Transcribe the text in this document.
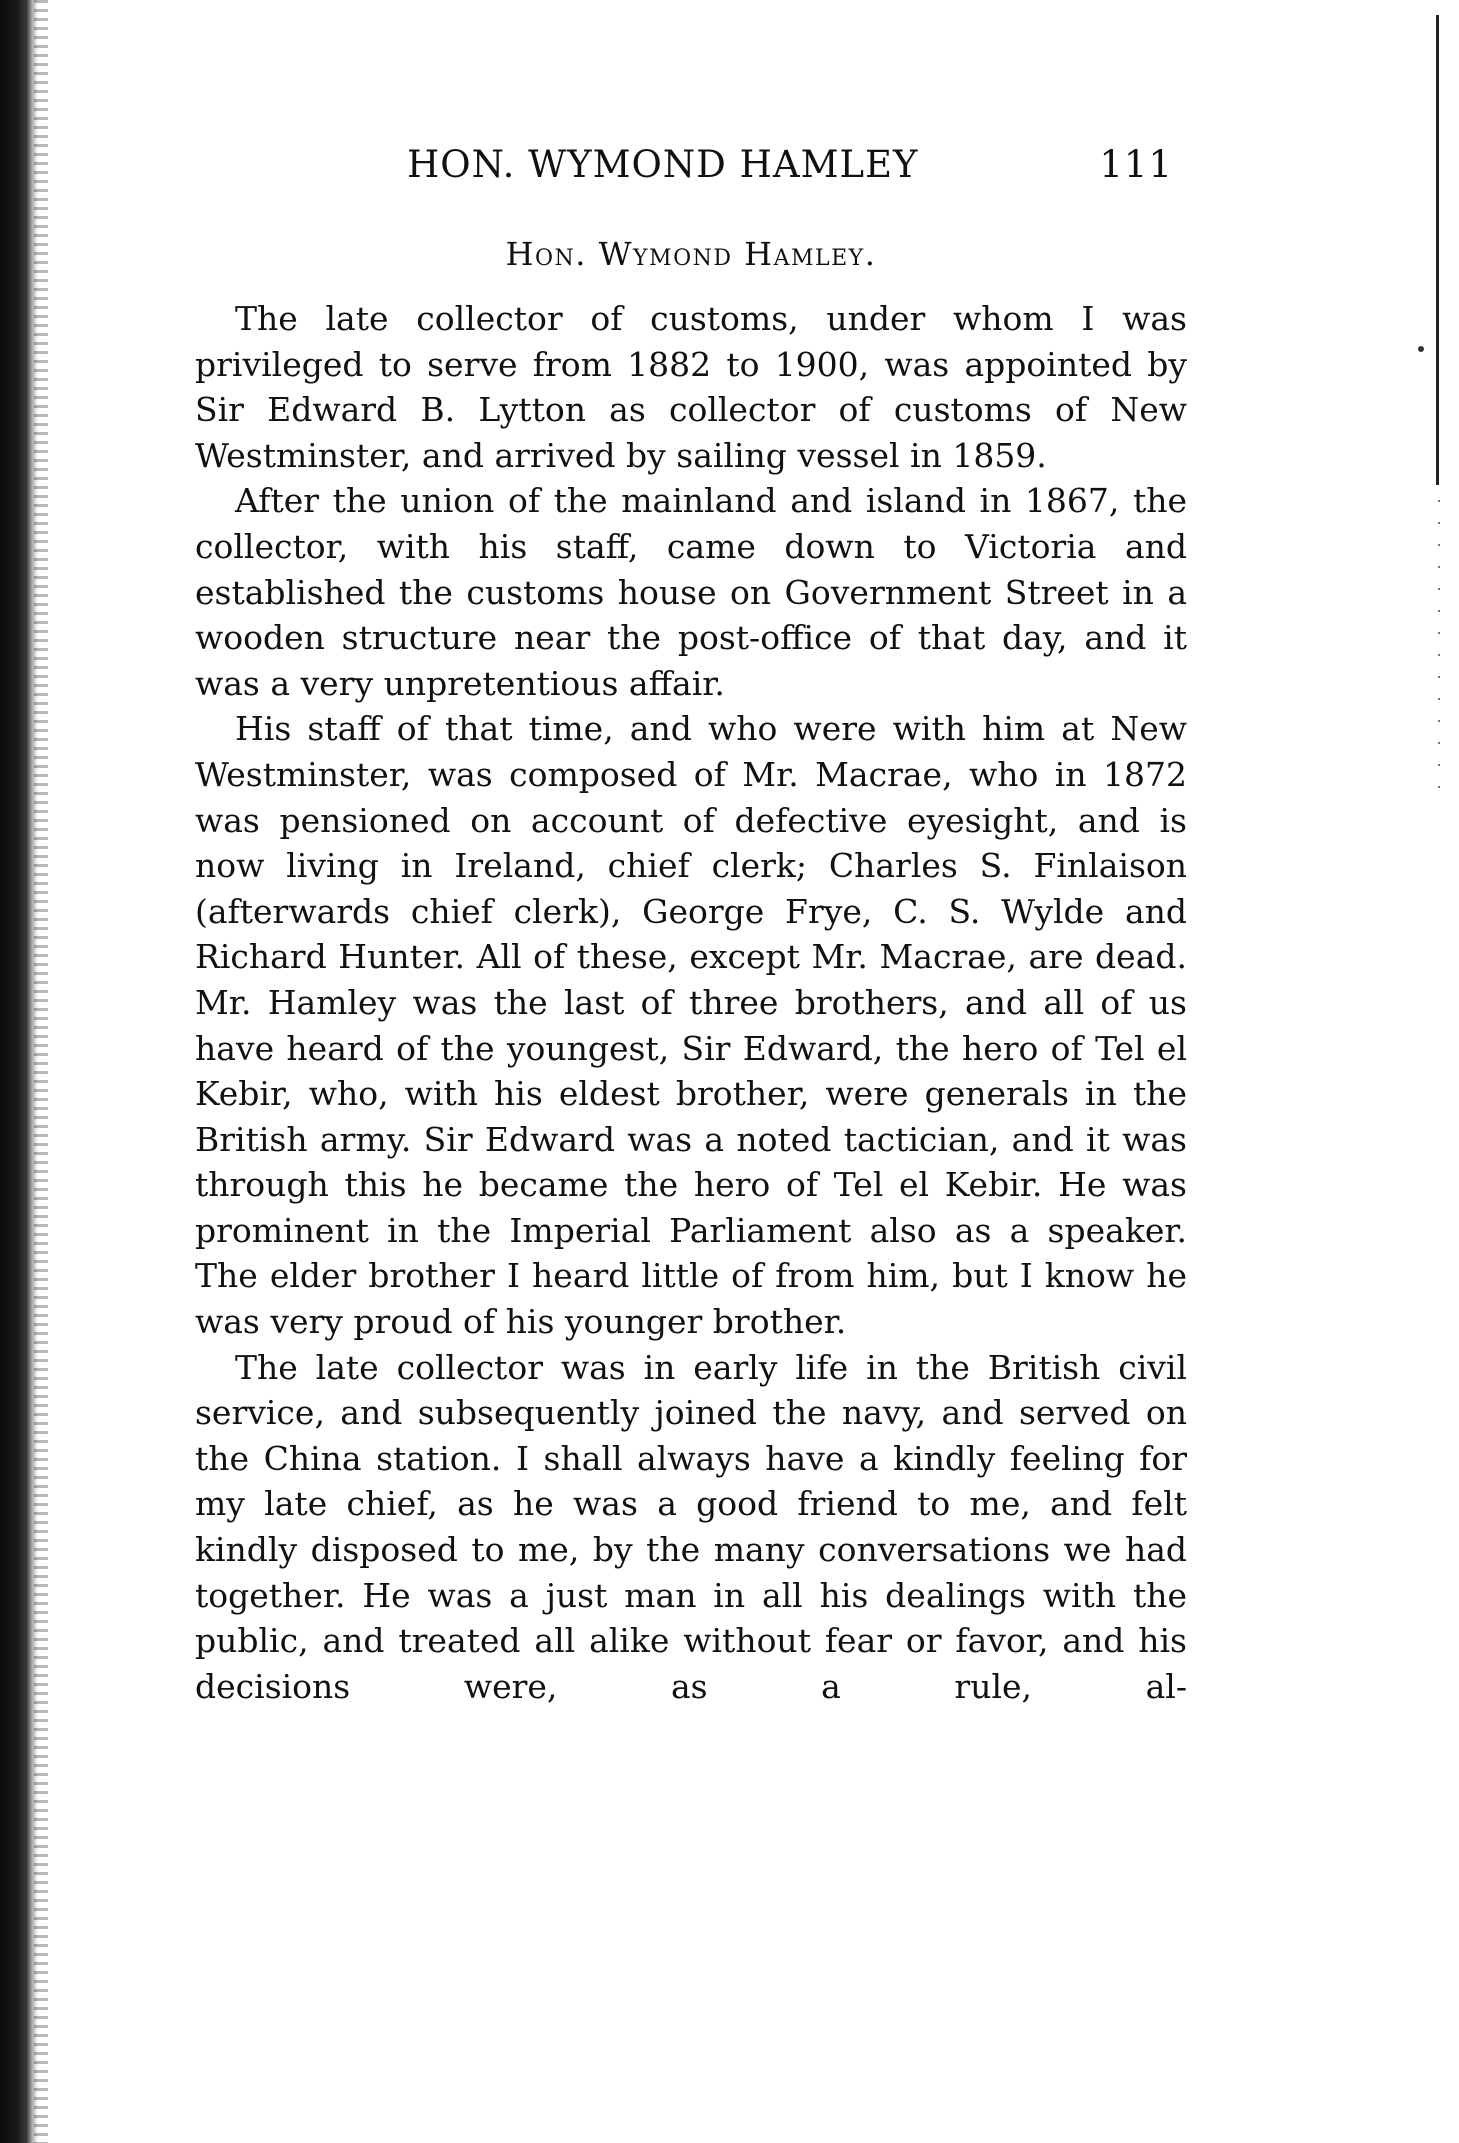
HON. WYMOND HAMLEY	111
Hon. Wymond Hamley.

The late collector of customs, under whom I was privileged to serve from 1882 to 1900, was appointed by Sir Edward B. Lytton as collector of customs of New Westminster, and arrived by sailing vessel in 1859.

After the union of the mainland and island in 1867, the collector, with his staff, came down to Victoria and established the customs house on Government Street in a wooden structure near the post-office of that day, and it was a very unpretentious affair.

His staff of that time, and who were with him at New Westminster, was composed of Mr. Macrae, who in 1872 was pensioned on account of defective eyesight, and is now living in Ireland, chief clerk; Charles S. Finlaison (afterwards chief clerk), George Frye, C. S. Wylde and Richard Hunter. All of these, except Mr. Macrae, are dead. Mr. Hamley was the last of three brothers, and all of us have heard of the youngest, Sir Edward, the hero of Tel el Kebir, who, with his eldest brother, were generals in the British army. Sir Edward was a noted tactician, and it was through this he became the hero of Tel el Kebir. He was prominent in the Imperial Parliament also as a speaker. The elder brother I heard little of from him, but I know he was very proud of his younger brother.

The late collector was in early life in the British civil service, and subsequently joined the navy, and served on the China station. I shall always have a kindly feeling for my late chief, as he was a good friend to me, and felt kindly disposed to me, by the many conversations we had together. He was a just man in all his dealings with the public, and treated all alike without fear or favor, and his decisions were, as a rule, al-
